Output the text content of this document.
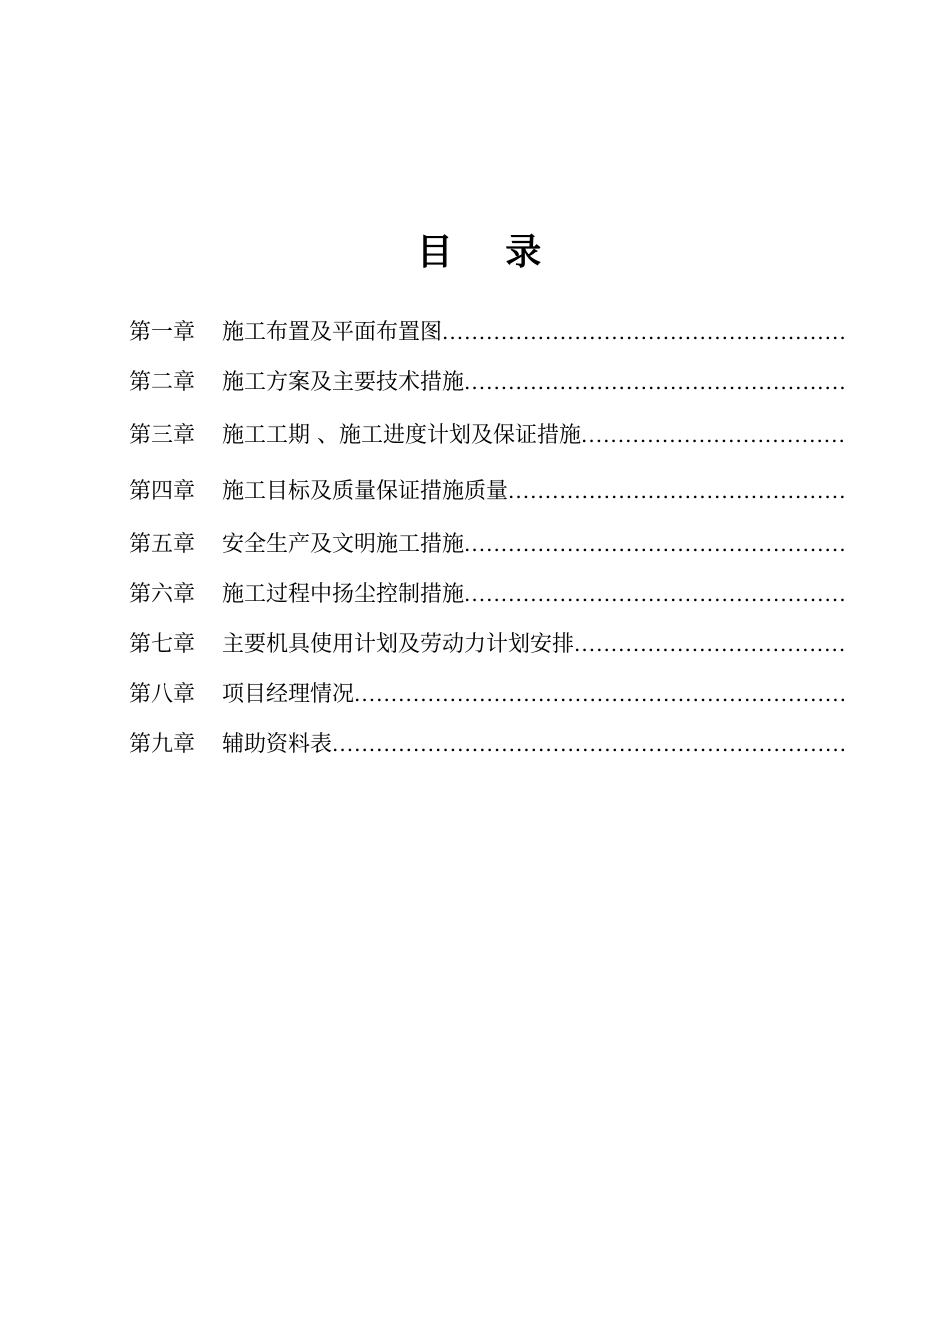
目 录
第一章	施工布置及平面布置图
.....
第二章	施工方案及主要技术措施
.....
第三章	施工工期 、施工进度计划及保证措施
.....
第四章	施工目标及质量保证措施质量
.....
第五章	安全生产及文明施工措施
.....
第六章	施工过程中扬尘控制措施
.....
第七章	主要机具使用计划及劳动力计划安排
.....
第八章	项目经理情况
.....
第九章	辅助资料表
.....
